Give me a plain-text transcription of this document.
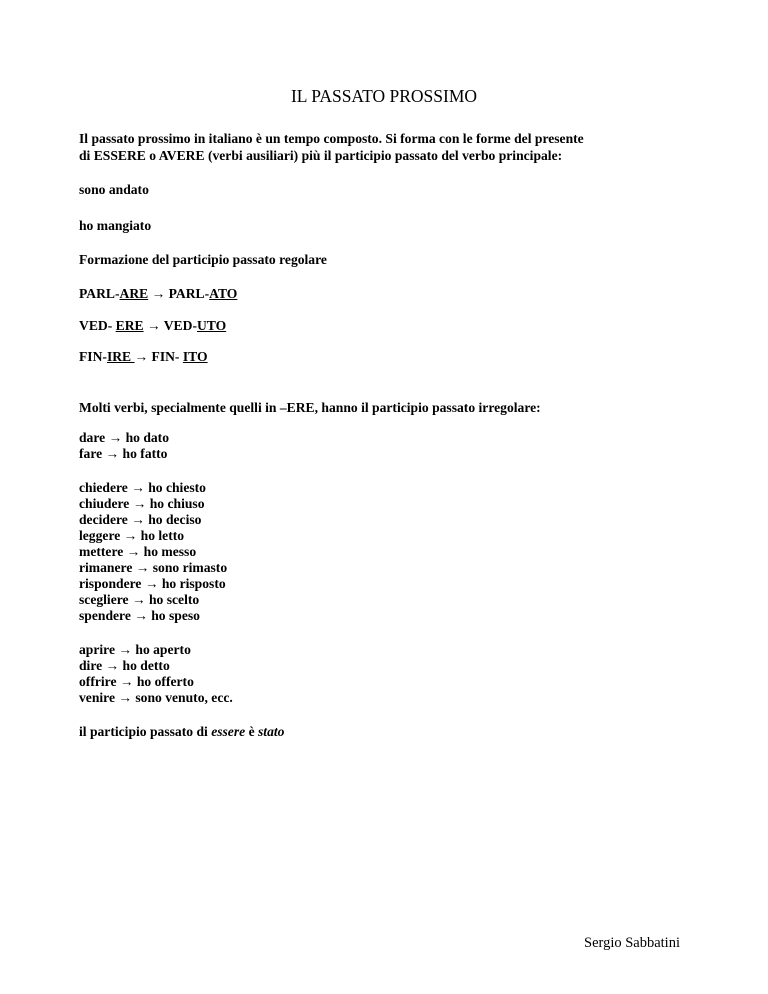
IL PASSATO PROSSIMO

Il passato prossimo in italiano è un tempo composto. Si forma con le forme del presente

di ESSERE o AVERE (verbi ausiliari) più il participio passato del verbo principale:

sono andato

ho mangiato

Formazione del participio passato regolare

PARL-ARE → PARL-ATO

VED- ERE → VED-UTO

FIN-IRE → FIN- ITO

Molti verbi, specialmente quelli in –ERE, hanno il participio passato irregolare:

dare → ho dato

fare → ho fatto

chiedere → ho chiesto

chiudere → ho chiuso

decidere → ho deciso

leggere → ho letto

mettere → ho messo

rimanere → sono rimasto

rispondere → ho risposto

scegliere → ho scelto

spendere → ho speso

aprire → ho aperto

dire → ho detto

offrire → ho offerto

venire → sono venuto, ecc.

il participio passato di essere è stato

Sergio Sabbatini
